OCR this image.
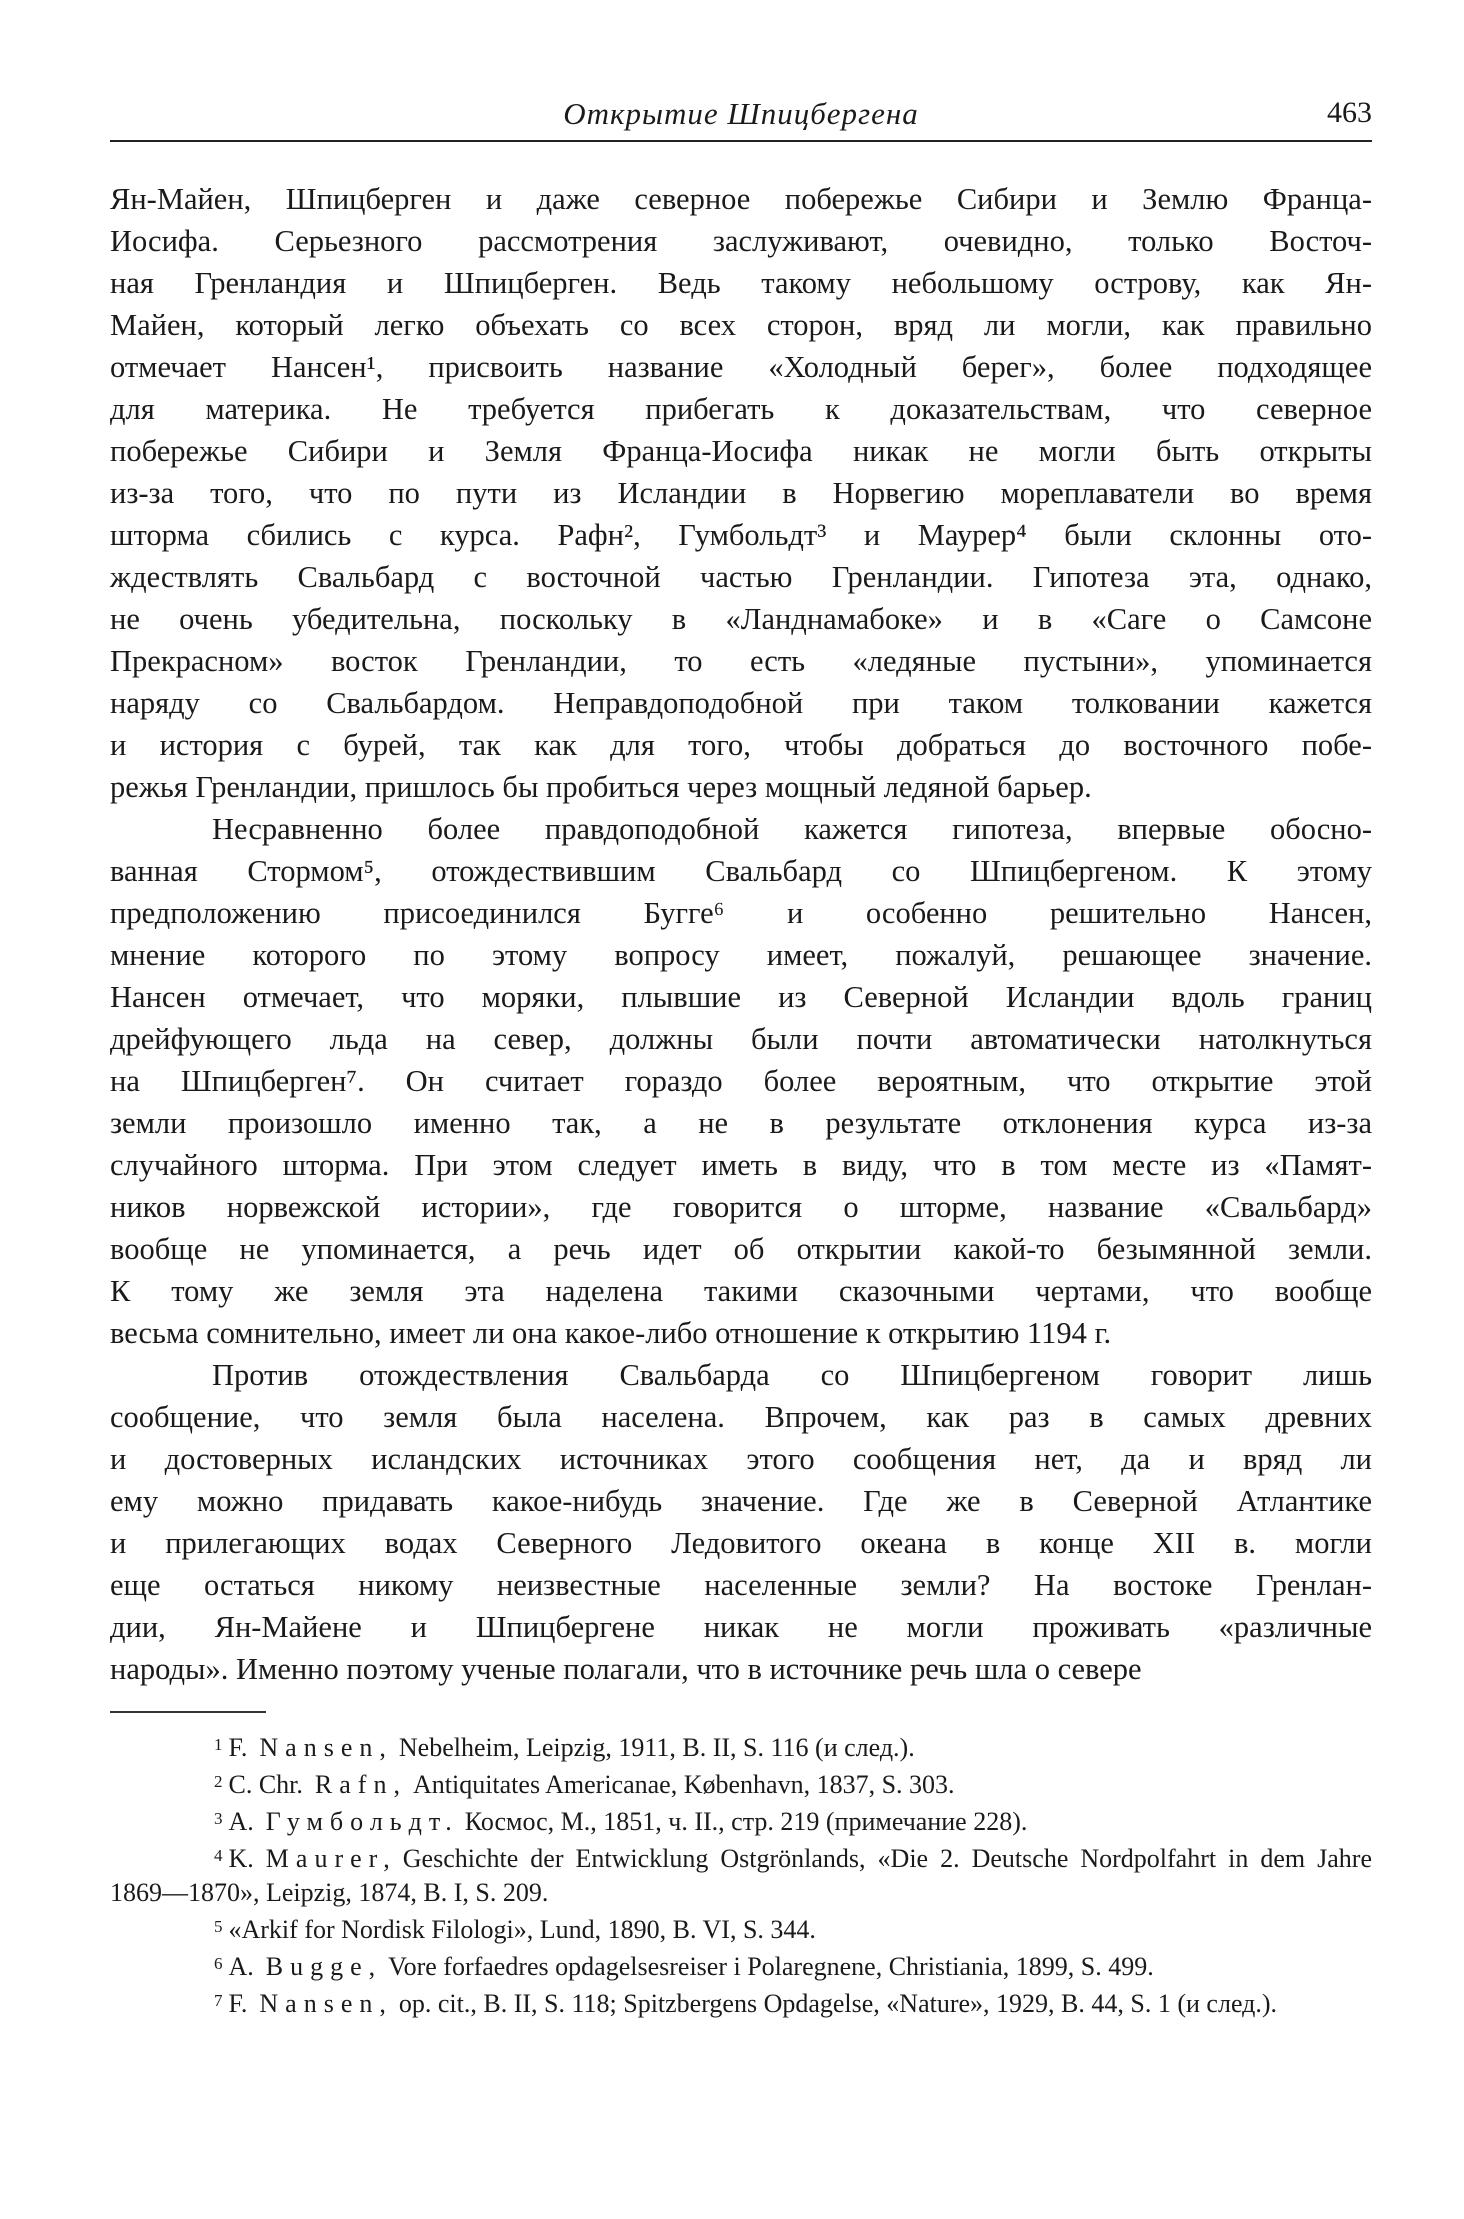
Открытие Шпицбергена	463
Ян-Майен, Шпицберген и даже северное побережье Сибири и Землю Франца-
Иосифа. Серьезного рассмотрения заслуживают, очевидно, только Восточ-
ная Гренландия и Шпицберген. Ведь такому небольшому острову, как Ян-
Майен, который легко объехать со всех сторон, вряд ли могли, как правильно
отмечает Нансен¹, присвоить название «Холодный берег», более подходящее
для материка. Не требуется прибегать к доказательствам, что северное
побережье Сибири и Земля Франца-Иосифа никак не могли быть открыты
из-за того, что по пути из Исландии в Норвегию мореплаватели во время
шторма сбились с курса. Рафн², Гумбольдт³ и Маурер⁴ были склонны ото-
ждествлять Свальбард с восточной частью Гренландии. Гипотеза эта, однако,
не очень убедительна, поскольку в «Ланднамабоке» и в «Саге о Самсоне
Прекрасном» восток Гренландии, то есть «ледяные пустыни», упоминается
наряду со Свальбардом. Неправдоподобной при таком толковании кажется
и история с бурей, так как для того, чтобы добраться до восточного побе-
режья Гренландии, пришлось бы пробиться через мощный ледяной барьер.
Несравненно более правдоподобной кажется гипотеза, впервые обосно-
ванная Стормом⁵, отождествившим Свальбард со Шпицбергеном. К этому
предположению присоединился Бугге⁶ и особенно решительно Нансен,
мнение которого по этому вопросу имеет, пожалуй, решающее значение.
Нансен отмечает, что моряки, плывшие из Северной Исландии вдоль границ
дрейфующего льда на север, должны были почти автоматически натолкнуться
на Шпицберген⁷. Он считает гораздо более вероятным, что открытие этой
земли произошло именно так, а не в результате отклонения курса из-за
случайного шторма. При этом следует иметь в виду, что в том месте из «Памят-
ников норвежской истории», где говорится о шторме, название «Свальбард»
вообще не упоминается, а речь идет об открытии какой-то безымянной земли.
К тому же земля эта наделена такими сказочными чертами, что вообще
весьма сомнительно, имеет ли она какое-либо отношение к открытию 1194 г.
Против отождествления Свальбарда со Шпицбергеном говорит лишь
сообщение, что земля была населена. Впрочем, как раз в самых древних
и достоверных исландских источниках этого сообщения нет, да и вряд ли
ему можно придавать какое-нибудь значение. Где же в Северной Атлантике
и прилегающих водах Северного Ледовитого океана в конце XII в. могли
еще остаться никому неизвестные населенные земли? На востоке Гренлан-
дии, Ян-Майене и Шпицбергене никак не могли проживать «различные
народы». Именно поэтому ученые полагали, что в источнике речь шла о севере

$^1$ F. Nansen, Nebelheim, Leipzig, 1911, B. II, S. 116 (и след.).

$^2$ C. Chr. Rafn, Antiquitates Americanae, København, 1837, S. 303.

$^3$ А. Гумбольдт. Космос, М., 1851, ч. II., стр. 219 (примечание 228).

$^4$ K. Maurer, Geschichte der Entwicklung Ostgrönlands, «Die 2. Deutsche Nordpolfahrt in dem Jahre 1869—1870», Leipzig, 1874, B. I, S. 209.

$^5$ «Arkif for Nordisk Filologi», Lund, 1890, B. VI, S. 344.

$^6$ A. Bugge, Vore forfaedres opdagelsesreiser i Polaregnene, Christiania, 1899, S. 499.

$^7$ F. Nansen, op. cit., B. II, S. 118; Spitzbergens Opdagelse, «Nature», 1929, B. 44, S. 1 (и след.).
